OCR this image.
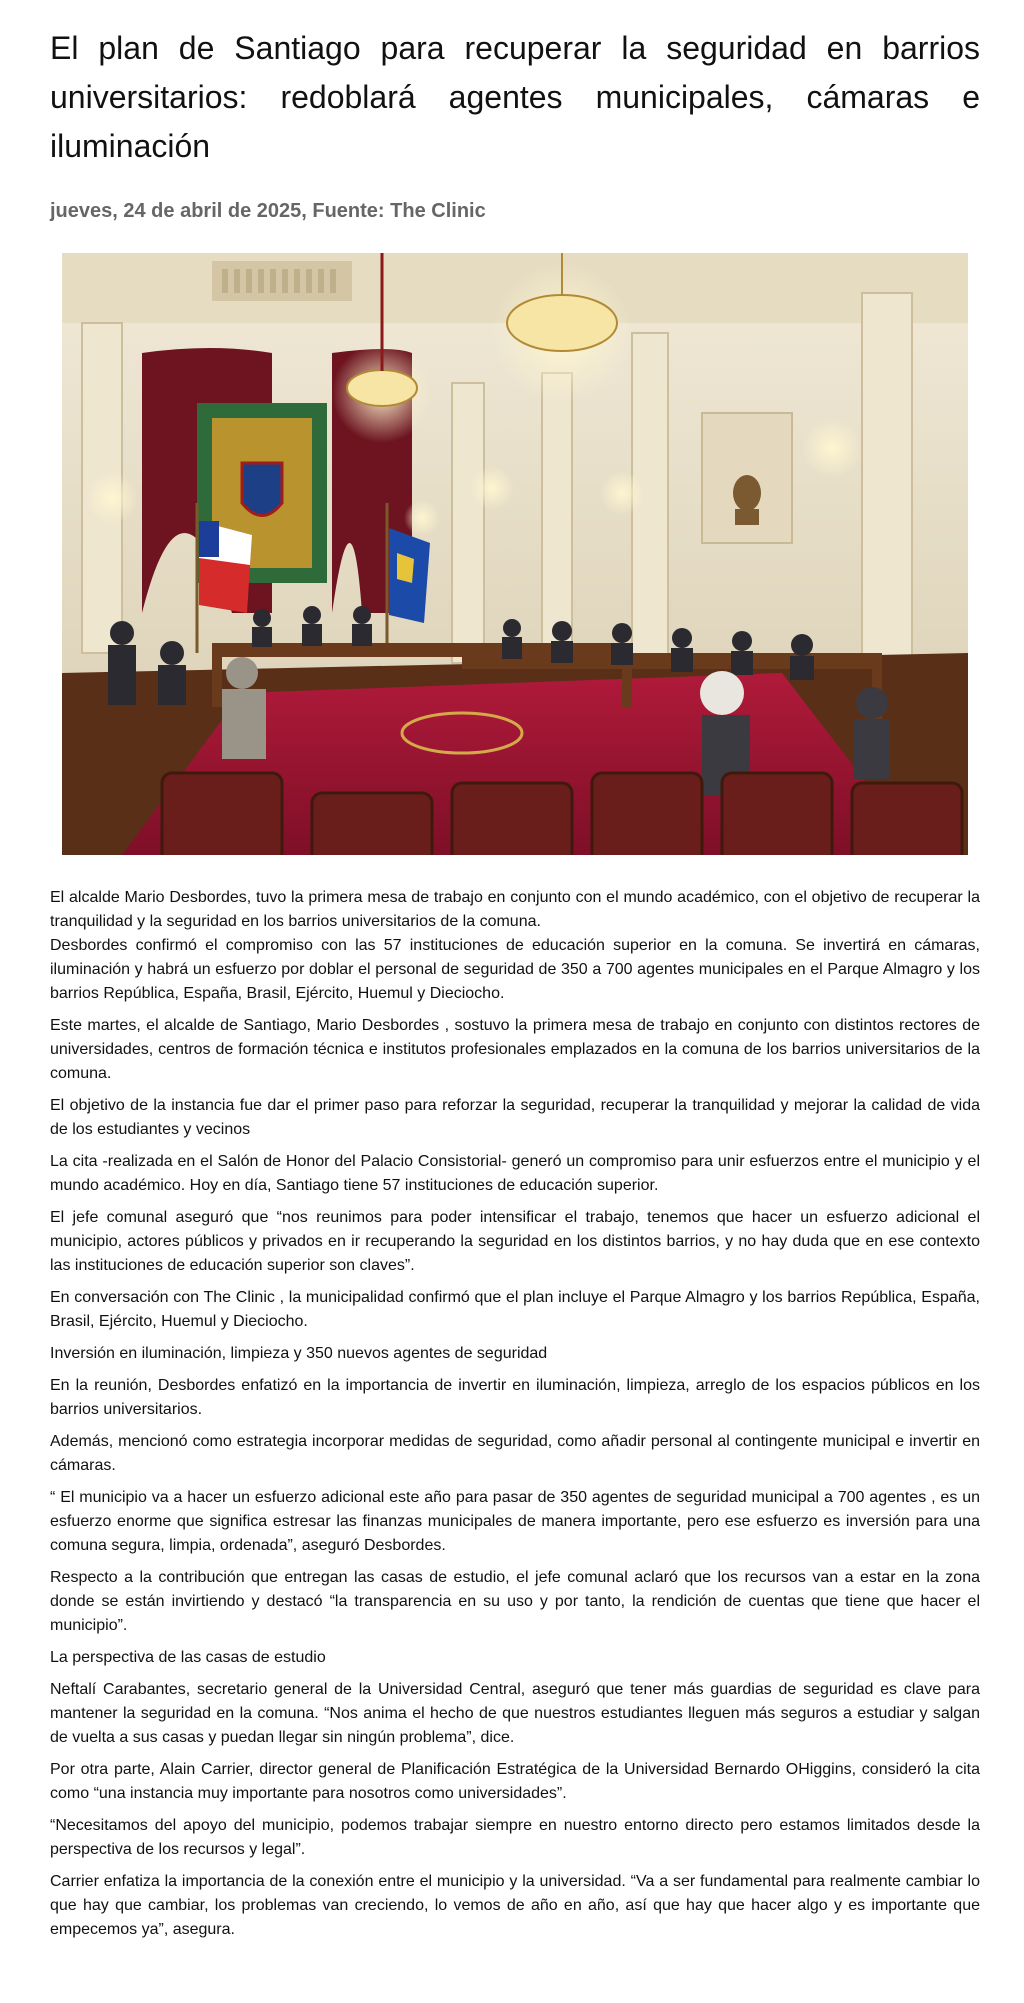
El plan de Santiago para recuperar la seguridad en barrios universitarios: redoblará agentes municipales, cámaras e iluminación
jueves, 24 de abril de 2025, Fuente: The Clinic

El alcalde Mario Desbordes, tuvo la primera mesa de trabajo en conjunto con el mundo académico, con el objetivo de recuperar la tranquilidad y la seguridad en los barrios universitarios de la comuna.

Desbordes confirmó el compromiso con las 57 instituciones de educación superior en la comuna. Se invertirá en cámaras, iluminación y habrá un esfuerzo por doblar el personal de seguridad de 350 a 700 agentes municipales en el Parque Almagro y los barrios República, España, Brasil, Ejército, Huemul y Dieciocho.

Este martes, el alcalde de Santiago, Mario Desbordes , sostuvo la primera mesa de trabajo en conjunto con distintos rectores de universidades, centros de formación técnica e institutos profesionales emplazados en la comuna de los barrios universitarios de la comuna.

El objetivo de la instancia fue dar el primer paso para reforzar la seguridad, recuperar la tranquilidad y mejorar la calidad de vida de los estudiantes y vecinos

La cita -realizada en el Salón de Honor del Palacio Consistorial- generó un compromiso para unir esfuerzos entre el municipio y el mundo académico. Hoy en día, Santiago tiene 57 instituciones de educación superior.

El jefe comunal aseguró que “nos reunimos para poder intensificar el trabajo, tenemos que hacer un esfuerzo adicional el municipio, actores públicos y privados en ir recuperando la seguridad en los distintos barrios, y no hay duda que en ese contexto las instituciones de educación superior son claves”.

En conversación con The Clinic , la municipalidad confirmó que el plan incluye el Parque Almagro y los barrios República, España, Brasil, Ejército, Huemul y Dieciocho.

Inversión en iluminación, limpieza y 350 nuevos agentes de seguridad

En la reunión, Desbordes enfatizó en la importancia de invertir en iluminación, limpieza, arreglo de los espacios públicos en los barrios universitarios.

Además, mencionó como estrategia incorporar medidas de seguridad, como añadir personal al contingente municipal e invertir en cámaras.

“ El municipio va a hacer un esfuerzo adicional este año para pasar de 350 agentes de seguridad municipal a 700 agentes , es un esfuerzo enorme que significa estresar las finanzas municipales de manera importante, pero ese esfuerzo es inversión para una comuna segura, limpia, ordenada”, aseguró Desbordes.

Respecto a la contribución que entregan las casas de estudio, el jefe comunal aclaró que los recursos van a estar en la zona donde se están invirtiendo y destacó “la transparencia en su uso y por tanto, la rendición de cuentas que tiene que hacer el municipio”.

La perspectiva de las casas de estudio

Neftalí Carabantes, secretario general de la Universidad Central, aseguró que tener más guardias de seguridad es clave para mantener la seguridad en la comuna. “Nos anima el hecho de que nuestros estudiantes lleguen más seguros a estudiar y salgan de vuelta a sus casas y puedan llegar sin ningún problema”, dice.

Por otra parte, Alain Carrier, director general de Planificación Estratégica de la Universidad Bernardo OHiggins, consideró la cita como “una instancia muy importante para nosotros como universidades”.

“Necesitamos del apoyo del municipio, podemos trabajar siempre en nuestro entorno directo pero estamos limitados desde la perspectiva de los recursos y legal”.

Carrier enfatiza la importancia de la conexión entre el municipio y la universidad. “Va a ser fundamental para realmente cambiar lo que hay que cambiar, los problemas van creciendo, lo vemos de año en año, así que hay que hacer algo y es importante que empecemos ya”, asegura.
